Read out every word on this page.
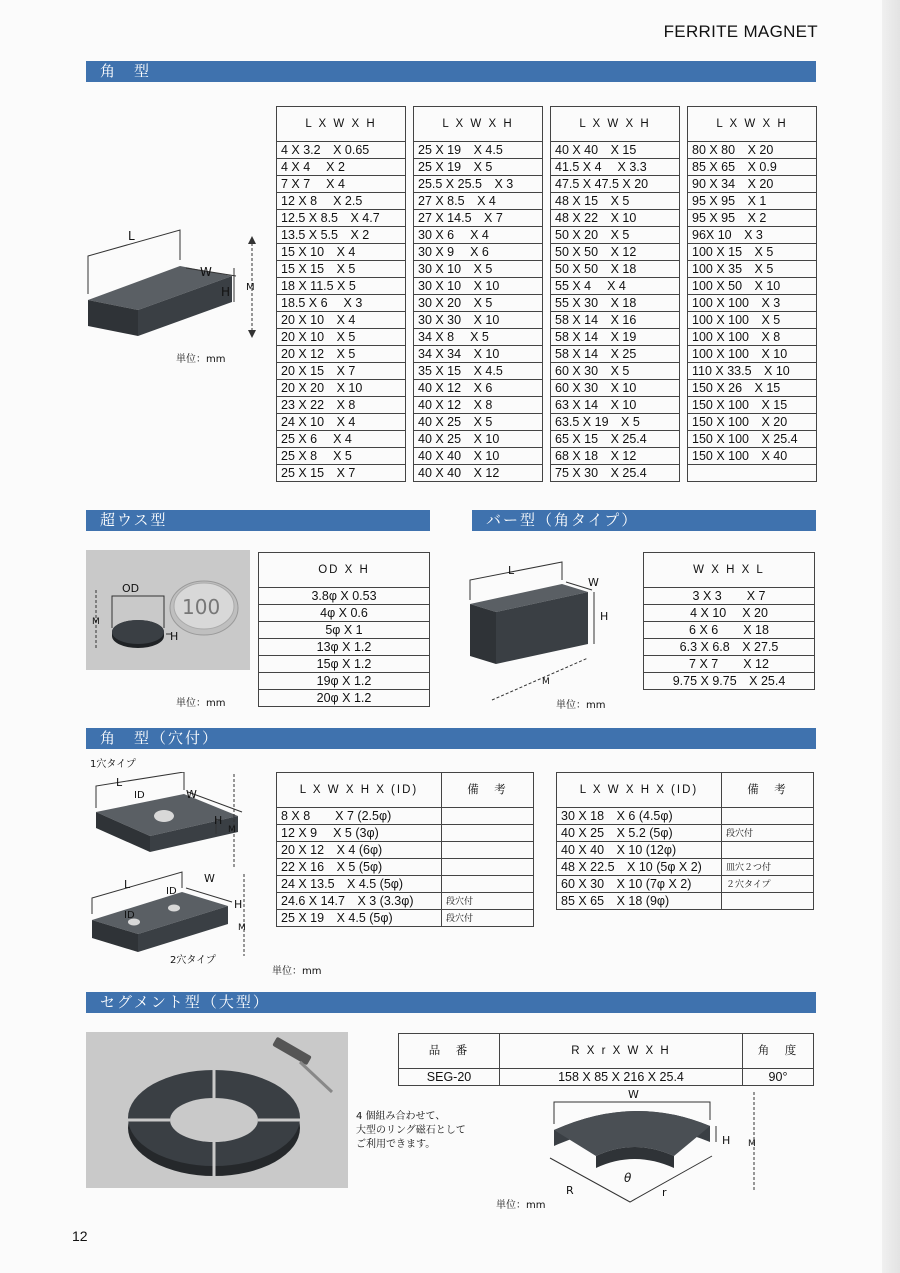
FERRITE MAGNET
角　型
L
W
H M
単位：mm
L X W X H
4 X 3.2　X 0.65
4 X 4　 X 2
7 X 7　 X 4
12 X 8　 X 2.5
12.5 X 8.5　X 4.7
13.5 X 5.5　X 2
15 X 10　X 4
15 X 15　X 5
18 X 11.5 X 5
18.5 X 6　 X 3
20 X 10　X 4
20 X 10　X 5
20 X 12　X 5
20 X 15　X 7
20 X 20　X 10
23 X 22　X 8
24 X 10　X 4
25 X 6　 X 4
25 X 8　 X 5
25 X 15　X 7
L X W X H
25 X 19　X 4.5
25 X 19　X 5
25.5 X 25.5　X 3
27 X 8.5　X 4
27 X 14.5　X 7
30 X 6　 X 4
30 X 9　 X 6
30 X 10　X 5
30 X 10　X 10
30 X 20　X 5
30 X 30　X 10
34 X 8　 X 5
34 X 34　X 10
35 X 15　X 4.5
40 X 12　X 6
40 X 12　X 8
40 X 25　X 5
40 X 25　X 10
40 X 40　X 10
40 X 40　X 12
L X W X H
40 X 40　X 15
41.5 X 4　 X 3.3
47.5 X 47.5 X 20
48 X 15　X 5
48 X 22　X 10
50 X 20　X 5
50 X 50　X 12
50 X 50　X 18
55 X 4　 X 4
55 X 30　X 18
58 X 14　X 16
58 X 14　X 19
58 X 14　X 25
60 X 30　X 5
60 X 30　X 10
63 X 14　X 10
63.5 X 19　X 5
65 X 15　X 25.4
68 X 18　X 12
75 X 30　X 25.4
L X W X H
80 X 80　X 20
85 X 65　X 0.9
90 X 34　X 20
95 X 95　X 1
95 X 95　X 2
96X 10　X 3
100 X 15　X 5
100 X 35　X 5
100 X 50　X 10
100 X 100　X 3
100 X 100　X 5
100 X 100　X 8
100 X 100　X 10
110 X 33.5　X 10
150 X 26　X 15
150 X 100　X 15
150 X 100　X 20
150 X 100　X 25.4
150 X 100　X 40

超ウス型
100
OD
H
M
単位：mm
OD X H
3.8φ X 0.53
4φ X 0.6
5φ X 1
13φ X 1.2
15φ X 1.2
19φ X 1.2
20φ X 1.2
バー型（角タイプ）
L
W
H
M
単位：mm
W X H X L
3 X 3　　X 7
4 X 10　 X 20
6 X 6　　X 18
6.3 X 6.8　X 27.5
7 X 7　　X 12
9.75 X 9.75　X 25.4
角　型（穴付）
1穴タイプ
L
ID	W
H
M
L
ID
ID
W
H
M
2穴タイプ
単位：mm
L X W X H X (ID)	備　考
8 X 8　　X 7 (2.5φ)	
12 X 9　 X 5 (3φ)	
20 X 12　X 4 (6φ)	
22 X 16　X 5 (5φ)	
24 X 13.5　X 4.5 (5φ)	
24.6 X 14.7　X 3 (3.3φ)	段穴付
25 X 19　X 4.5 (5φ)	段穴付
L X W X H X (ID)	備　考
30 X 18　X 6 (4.5φ)	
40 X 25　X 5.2 (5φ)	段穴付
40 X 40　X 10 (12φ)	
48 X 22.5　X 10 (5φ X 2)	皿穴２つ付
60 X 30　X 10 (7φ X 2)	２穴タイプ
85 X 65　X 18 (9φ)	
セグメント型（大型）
4 個組み合わせて、
大型のリング磁石として
ご利用できます。
品　番	R X r X W X H	角　度
SEG-20	158 X 85 X 216 X 25.4	90°
W
H M
R	r
θ
単位：mm
12
